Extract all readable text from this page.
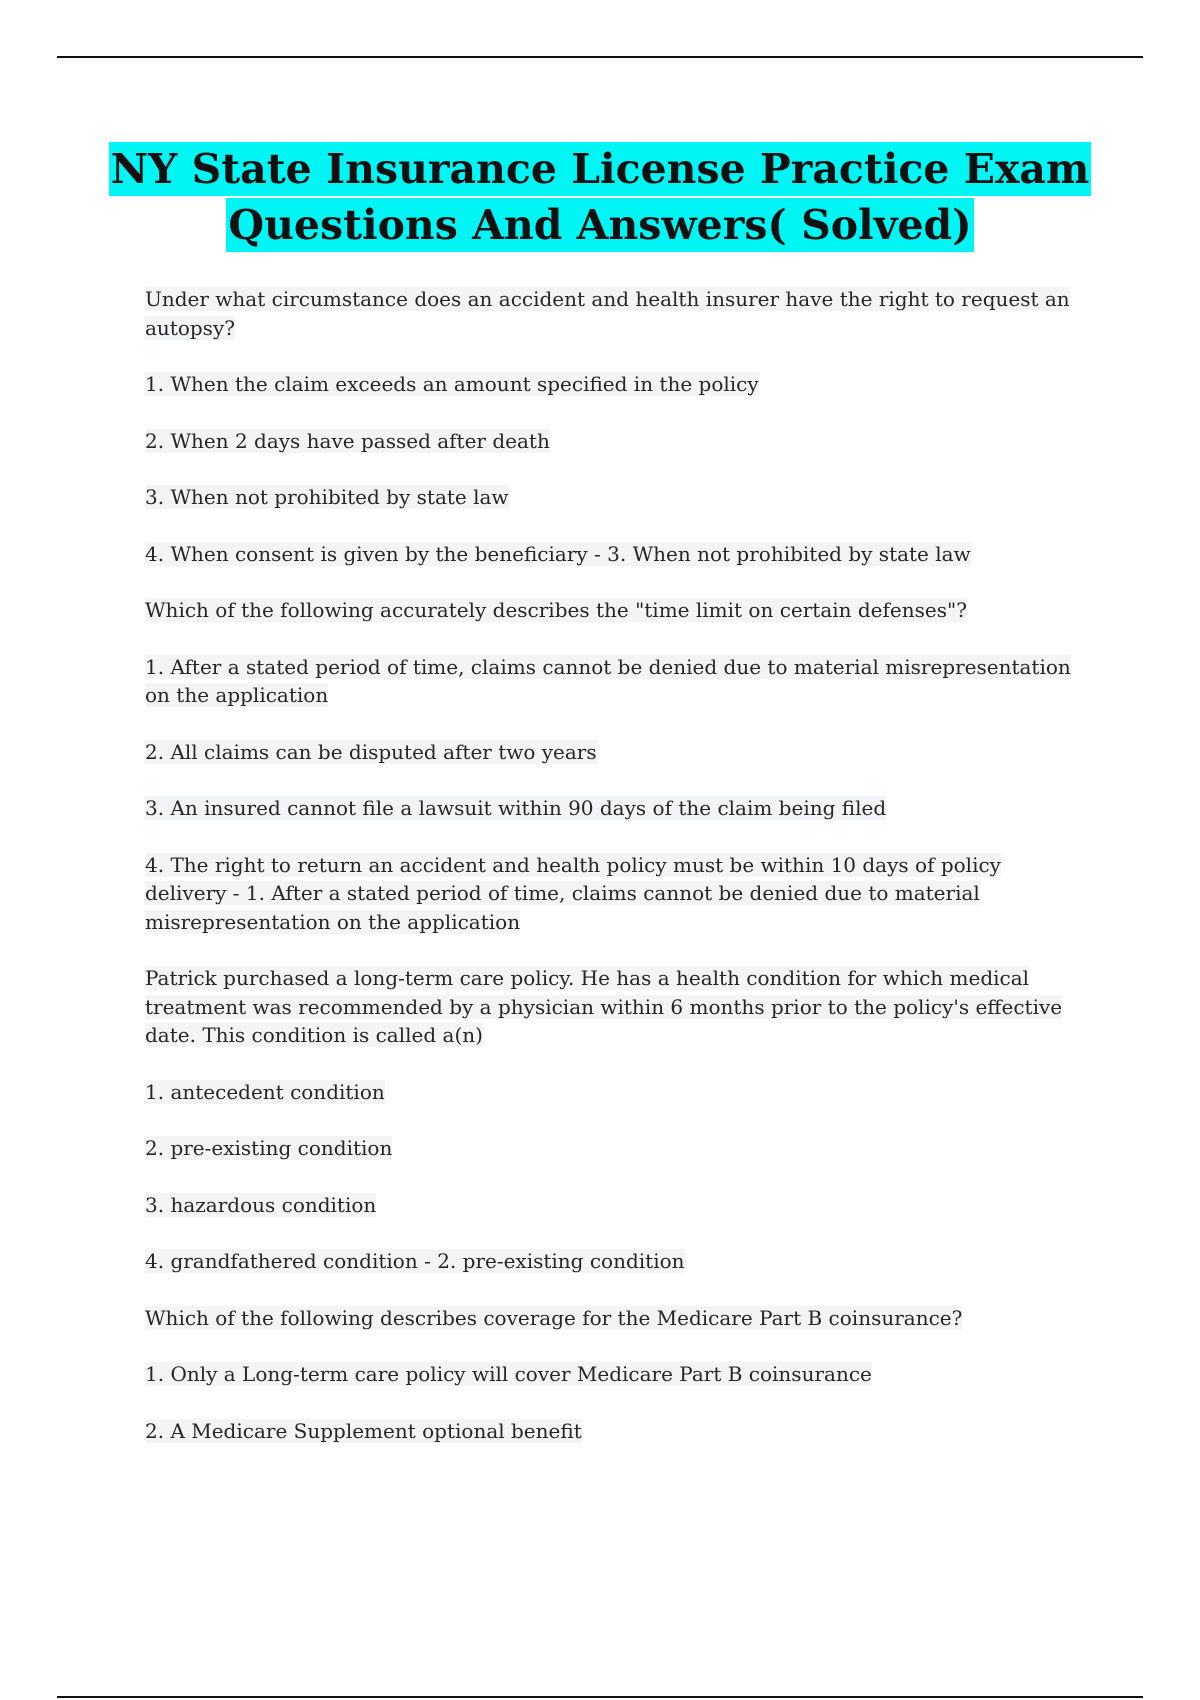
NY State Insurance License Practice Exam
Questions And Answers( Solved)

Under what circumstance does an accident and health insurer have the right to request an autopsy?

1. When the claim exceeds an amount specified in the policy

2. When 2 days have passed after death

3. When not prohibited by state law

4. When consent is given by the beneficiary - 3. When not prohibited by state law

Which of the following accurately describes the "time limit on certain defenses"?

1. After a stated period of time, claims cannot be denied due to material misrepresentation on the application

2. All claims can be disputed after two years

3. An insured cannot file a lawsuit within 90 days of the claim being filed

4. The right to return an accident and health policy must be within 10 days of policy delivery - 1. After a stated period of time, claims cannot be denied due to material misrepresentation on the application

Patrick purchased a long-term care policy. He has a health condition for which medical treatment was recommended by a physician within 6 months prior to the policy's effective date. This condition is called a(n)

1. antecedent condition

2. pre-existing condition

3. hazardous condition

4. grandfathered condition - 2. pre-existing condition

Which of the following describes coverage for the Medicare Part B coinsurance?

1. Only a Long-term care policy will cover Medicare Part B coinsurance

2. A Medicare Supplement optional benefit
